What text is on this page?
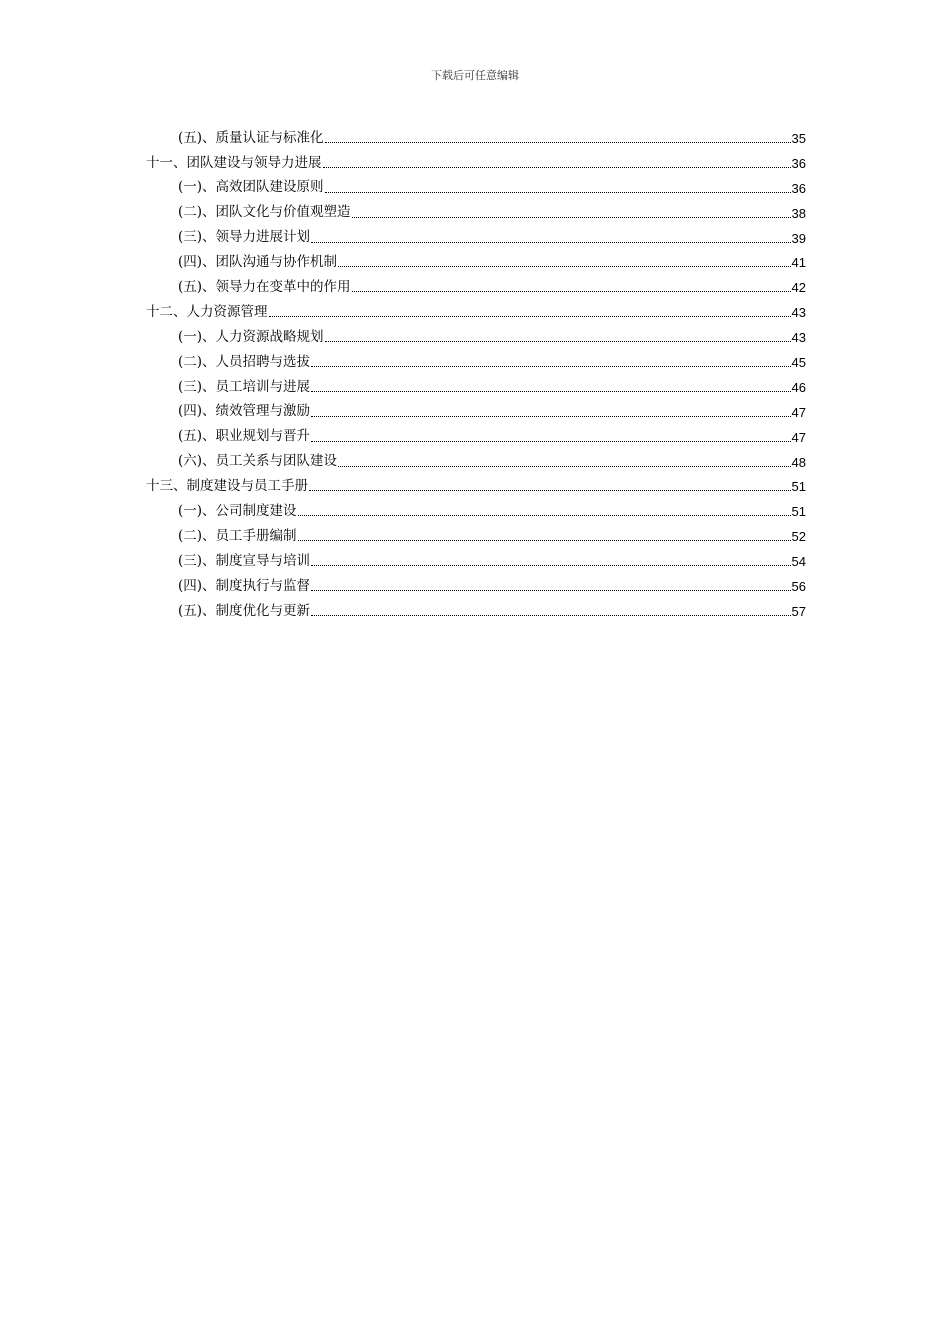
下载后可任意编辑
(五)、质量认证与标准化	35
十一、团队建设与领导力进展	36
(一)、高效团队建设原则	36
(二)、团队文化与价值观塑造	38
(三)、领导力进展计划	39
(四)、团队沟通与协作机制	41
(五)、领导力在变革中的作用	42
十二、人力资源管理	43
(一)、人力资源战略规划	43
(二)、人员招聘与选拔	45
(三)、员工培训与进展	46
(四)、绩效管理与激励	47
(五)、职业规划与晋升	47
(六)、员工关系与团队建设	48
十三、制度建设与员工手册	51
(一)、公司制度建设	51
(二)、员工手册编制	52
(三)、制度宣导与培训	54
(四)、制度执行与监督	56
(五)、制度优化与更新	57
